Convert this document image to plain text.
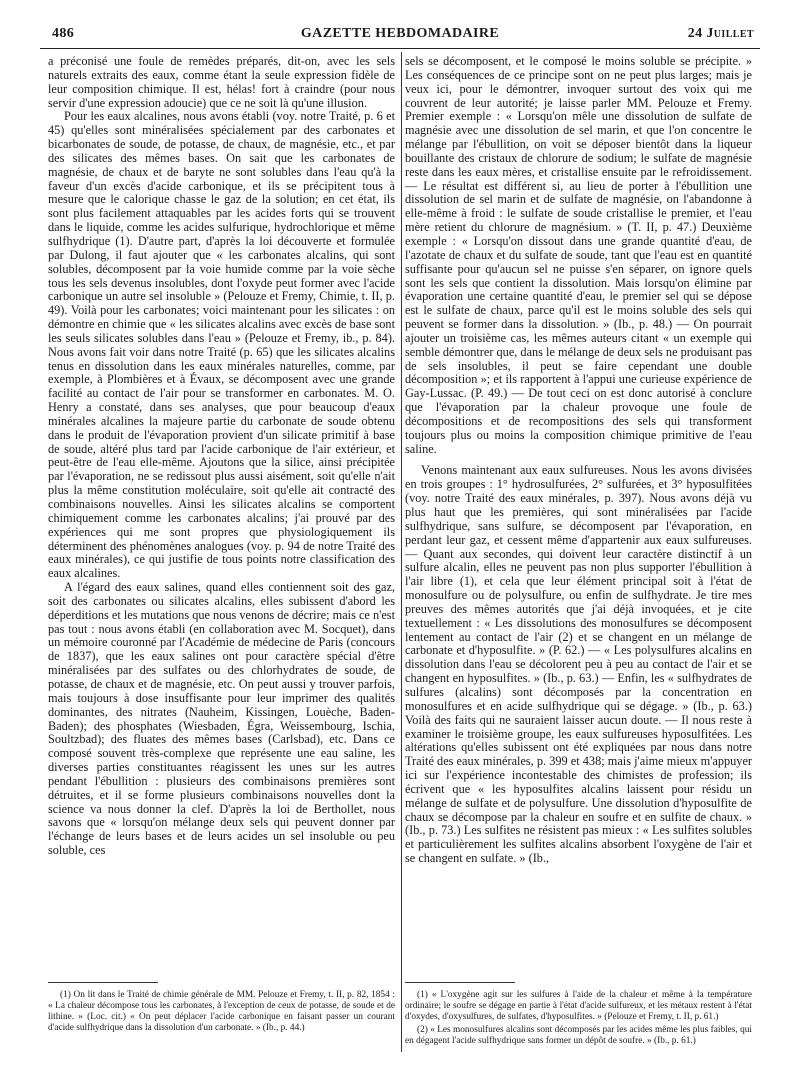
486	GAZETTE HEBDOMADAIRE	24 Juillet

a préconisé une foule de remèdes préparés, dit-on, avec les sels naturels extraits des eaux, comme étant la seule expression fidèle de leur composition chimique. Il est, hélas! fort à craindre (pour nous servir d'une expression adoucie) que ce ne soit là qu'une illusion.

Pour les eaux alcalines, nous avons établi (voy. notre Traité, p. 6 et 45) qu'elles sont minéralisées spécialement par des carbonates et bicarbonates de soude, de potasse, de chaux, de magnésie, etc., et par des silicates des mêmes bases. On sait que les carbonates de magnésie, de chaux et de baryte ne sont solubles dans l'eau qu'à la faveur d'un excès d'acide carbonique, et ils se précipitent tous à mesure que le calorique chasse le gaz de la solution; en cet état, ils sont plus facilement attaquables par les acides forts qui se trouvent dans le liquide, comme les acides sulfurique, hydrochlorique et même sulfhydrique (1). D'autre part, d'après la loi découverte et formulée par Dulong, il faut ajouter que « les carbonates alcalins, qui sont solubles, décomposent par la voie humide comme par la voie sèche tous les sels devenus insolubles, dont l'oxyde peut former avec l'acide carbonique un autre sel insoluble » (Pelouze et Fremy, Chimie, t. II, p. 49). Voilà pour les carbonates; voici maintenant pour les silicates : on démontre en chimie que « les silicates alcalins avec excès de base sont les seuls silicates solubles dans l'eau » (Pelouze et Fremy, ib., p. 84). Nous avons fait voir dans notre Traité (p. 65) que les silicates alcalins tenus en dissolution dans les eaux minérales naturelles, comme, par exemple, à Plombières et à Évaux, se décomposent avec une grande facilité au contact de l'air pour se transformer en carbonates. M. O. Henry a constaté, dans ses analyses, que pour beaucoup d'eaux minérales alcalines la majeure partie du carbonate de soude obtenu dans le produit de l'évaporation provient d'un silicate primitif à base de soude, altéré plus tard par l'acide carbonique de l'air extérieur, et peut-être de l'eau elle-même. Ajoutons que la silice, ainsi précipitée par l'évaporation, ne se redissout plus aussi aisément, soit qu'elle n'ait plus la même constitution moléculaire, soit qu'elle ait contracté des combinaisons nouvelles. Ainsi les silicates alcalins se comportent chimiquement comme les carbonates alcalins; j'ai prouvé par des expériences qui me sont propres que physiologiquement ils déterminent des phénomènes analogues (voy. p. 94 de notre Traité des eaux minérales), ce qui justifie de tous points notre classification des eaux alcalines.

A l'égard des eaux salines, quand elles contiennent soit des gaz, soit des carbonates ou silicates alcalins, elles subissent d'abord les déperditions et les mutations que nous venons de décrire; mais ce n'est pas tout : nous avons établi (en collaboration avec M. Socquet), dans un mémoire couronné par l'Académie de médecine de Paris (concours de 1837), que les eaux salines ont pour caractère spécial d'être minéralisées par des sulfates ou des chlorhydrates de soude, de potasse, de chaux et de magnésie, etc. On peut aussi y trouver parfois, mais toujours à dose insuffisante pour leur imprimer des qualités dominantes, des nitrates (Nauheim, Kissingen, Louèche, Baden-Baden); des phosphates (Wiesbaden, Égra, Weissembourg, Ischia, Soultzbad); des fluates des mêmes bases (Carlsbad), etc. Dans ce composé souvent très-complexe que représente une eau saline, les diverses parties constituantes réagissent les unes sur les autres pendant l'ébullition : plusieurs des combinaisons premières sont détruites, et il se forme plusieurs combinaisons nouvelles dont la science va nous donner la clef. D'après la loi de Berthollet, nous savons que « lorsqu'on mélange deux sels qui peuvent donner par l'échange de leurs bases et de leurs acides un sel insoluble ou peu soluble, ces

sels se décomposent, et le composé le moins soluble se précipite. » Les conséquences de ce principe sont on ne peut plus larges; mais je veux ici, pour le démontrer, invoquer surtout des voix qui me couvrent de leur autorité; je laisse parler MM. Pelouze et Fremy. Premier exemple : « Lorsqu'on mêle une dissolution de sulfate de magnésie avec une dissolution de sel marin, et que l'on concentre le mélange par l'ébullition, on voit se déposer bientôt dans la liqueur bouillante des cristaux de chlorure de sodium; le sulfate de magnésie reste dans les eaux mères, et cristallise ensuite par le refroidissement. — Le résultat est différent si, au lieu de porter à l'ébullition une dissolution de sel marin et de sulfate de magnésie, on l'abandonne à elle-même à froid : le sulfate de soude cristallise le premier, et l'eau mère retient du chlorure de magnésium. » (T. II, p. 47.) Deuxième exemple : « Lorsqu'on dissout dans une grande quantité d'eau, de l'azotate de chaux et du sulfate de soude, tant que l'eau est en quantité suffisante pour qu'aucun sel ne puisse s'en séparer, on ignore quels sont les sels que contient la dissolution. Mais lorsqu'on élimine par évaporation une certaine quantité d'eau, le premier sel qui se dépose est le sulfate de chaux, parce qu'il est le moins soluble des sels qui peuvent se former dans la dissolution. » (Ib., p. 48.) — On pourrait ajouter un troisième cas, les mêmes auteurs citant « un exemple qui semble démontrer que, dans le mélange de deux sels ne produisant pas de sels insolubles, il peut se faire cependant une double décomposition »; et ils rapportent à l'appui une curieuse expérience de Gay-Lussac. (P. 49.) — De tout ceci on est donc autorisé à conclure que l'évaporation par la chaleur provoque une foule de décompositions et de recompositions des sels qui transforment toujours plus ou moins la composition chimique primitive de l'eau saline.

Venons maintenant aux eaux sulfureuses. Nous les avons divisées en trois groupes : 1° hydrosulfurées, 2° sulfurées, et 3° hyposulfitées (voy. notre Traité des eaux minérales, p. 397). Nous avons déjà vu plus haut que les premières, qui sont minéralisées par l'acide sulfhydrique, sans sulfure, se décomposent par l'évaporation, en perdant leur gaz, et cessent même d'appartenir aux eaux sulfureuses. — Quant aux secondes, qui doivent leur caractère distinctif à un sulfure alcalin, elles ne peuvent pas non plus supporter l'ébullition à l'air libre (1), et cela que leur élément principal soit à l'état de monosulfure ou de polysulfure, ou enfin de sulfhydrate. Je tire mes preuves des mêmes autorités que j'ai déjà invoquées, et je cite textuellement : « Les dissolutions des monosulfures se décomposent lentement au contact de l'air (2) et se changent en un mélange de carbonate et d'hyposulfite. » (P. 62.) — « Les polysulfures alcalins en dissolution dans l'eau se décolorent peu à peu au contact de l'air et se changent en hyposulfites. » (Ib., p. 63.) — Enfin, les « sulfhydrates de sulfures (alcalins) sont décomposés par la concentration en monosulfures et en acide sulfhydrique qui se dégage. » (Ib., p. 63.) Voilà des faits qui ne sauraient laisser aucun doute. — Il nous reste à examiner le troisième groupe, les eaux sulfureuses hyposulfitées. Les altérations qu'elles subissent ont été expliquées par nous dans notre Traité des eaux minérales, p. 399 et 438; mais j'aime mieux m'appuyer ici sur l'expérience incontestable des chimistes de profession; ils écrivent que « les hyposulfites alcalins laissent pour résidu un mélange de sulfate et de polysulfure. Une dissolution d'hyposulfite de chaux se décompose par la chaleur en soufre et en sulfite de chaux. » (Ib., p. 73.) Les sulfites ne résistent pas mieux : « Les sulfites solubles et particulièrement les sulfites alcalins absorbent l'oxygène de l'air et se changent en sulfate. » (Ib.,

(1) On lit dans le Traité de chimie générale de MM. Pelouze et Fremy, t. II, p. 82, 1854 : « La chaleur décompose tous les carbonates, à l'exception de ceux de potasse, de soude et de lithine. » (Loc. cit.) « On peut déplacer l'acide carbonique en faisant passer un courant d'acide sulfhydrique dans la dissolution d'un carbonate. » (Ib., p. 44.)

(1) « L'oxygène agit sur les sulfures à l'aide de la chaleur et même à la température ordinaire; le soufre se dégage en partie à l'état d'acide sulfureux, et les métaux restent à l'état d'oxydes, d'oxysulfures, de sulfates, d'hyposulfites. » (Pelouze et Fremy, t. II, p. 61.)

(2) « Les monosulfures alcalins sont décomposés par les acides même les plus faibles, qui en dégagent l'acide sulfhydrique sans former un dépôt de soufre. » (Ib., p. 61.)
